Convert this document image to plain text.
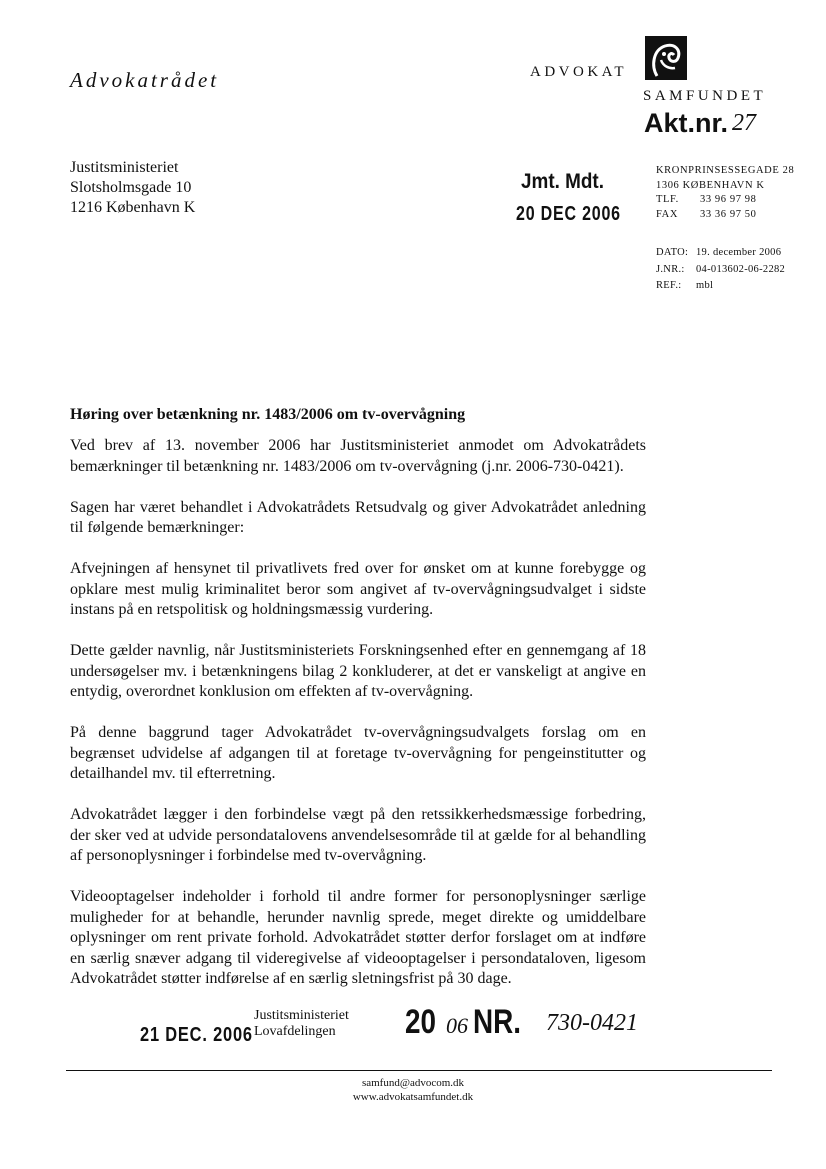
Advokatrådet	ADVOKAT
SAMFUNDET
Akt.nr. 27
Justitsministeriet
Slotsholmsgade 10
1216 København K
Jmt. Mdt.
20 DEC 2006
KRONPRINSESSEGADE 28
1306 KØBENHAVN K
TLF. 33 96 97 98
FAX 33 36 97 50
DATO: 19. december 2006
J.NR.: 04-013602-06-2282
REF.: mbl
Høring over betænkning nr. 1483/2006 om tv-overvågning

Ved brev af 13. november 2006 har Justitsministeriet anmodet om Advokatrådets bemærkninger til betænkning nr. 1483/2006 om tv-overvågning (j.nr. 2006-730-0421).

Sagen har været behandlet i Advokatrådets Retsudvalg og giver Advokatrådet anledning til følgende bemærkninger:

Afvejningen af hensynet til privatlivets fred over for ønsket om at kunne forebygge og opklare mest mulig kriminalitet beror som angivet af tv-overvågningsudvalget i sidste instans på en retspolitisk og holdningsmæssig vurdering.

Dette gælder navnlig, når Justitsministeriets Forskningsenhed efter en gennemgang af 18 undersøgelser mv. i betænkningens bilag 2 konkluderer, at det er vanskeligt at angive en entydig, overordnet konklusion om effekten af tv-overvågning.

På denne baggrund tager Advokatrådet tv-overvågningsudvalgets forslag om en begrænset udvidelse af adgangen til at foretage tv-overvågning for pengeinstitutter og detailhandel mv. til efterretning.

Advokatrådet lægger i den forbindelse vægt på den retssikkerhedsmæssige forbedring, der sker ved at udvide persondatalovens anvendelsesområde til at gælde for al behandling af personoplysninger i forbindelse med tv-overvågning.

Videooptagelser indeholder i forhold til andre former for personoplysninger særlige muligheder for at behandle, herunder navnlig sprede, meget direkte og umiddelbare oplysninger om rent private forhold. Advokatrådet støtter derfor forslaget om at indføre en særlig snæver adgang til videregivelse af videooptagelser i persondataloven, ligesom Advokatrådet støtter indførelse af en særlig sletningsfrist på 30 dage.

21 DEC. 2006
Justitsministeriet
Lovafdelingen	20 06 NR.	730-0421
samfund@advocom.dk
www.advokatsamfundet.dk
